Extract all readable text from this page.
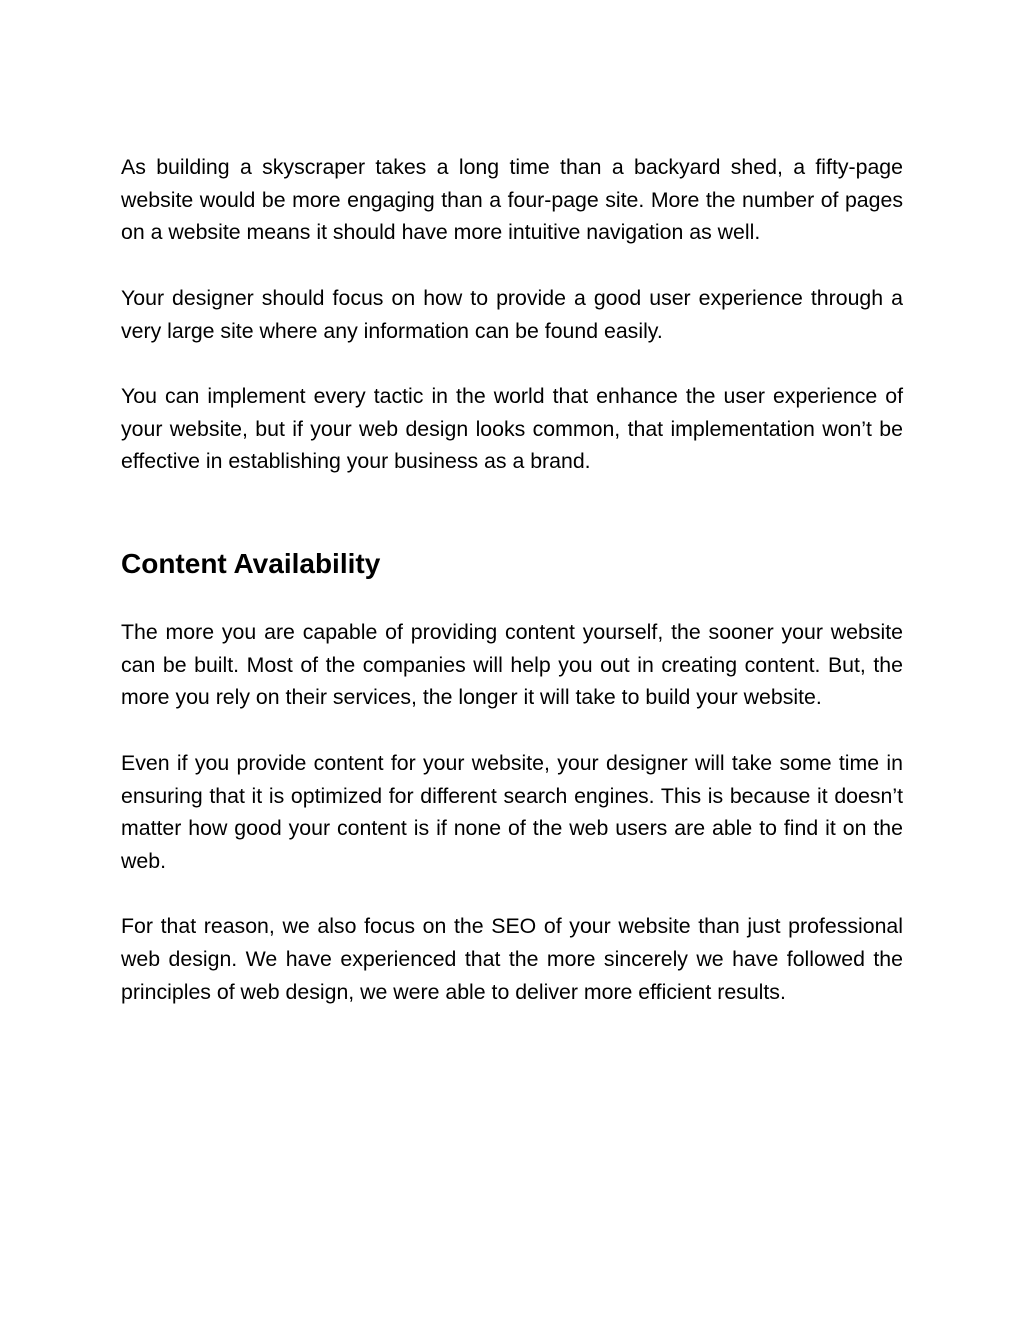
As building a skyscraper takes a long time than a backyard shed, a fifty-page website would be more engaging than a four-page site. More the number of pages on a website means it should have more intuitive navigation as well.

Your designer should focus on how to provide a good user experience through a very large site where any information can be found easily.

You can implement every tactic in the world that enhance the user experience of your website, but if your web design looks common, that implementation won’t be effective in establishing your business as a brand.

Content Availability

The more you are capable of providing content yourself, the sooner your website can be built. Most of the companies will help you out in creating content. But, the more you rely on their services, the longer it will take to build your website.

Even if you provide content for your website, your designer will take some time in ensuring that it is optimized for different search engines. This is because it doesn’t matter how good your content is if none of the web users are able to find it on the web.

For that reason, we also focus on the SEO of your website than just professional web design. We have experienced that the more sincerely we have followed the principles of web design, we were able to deliver more efficient results.
